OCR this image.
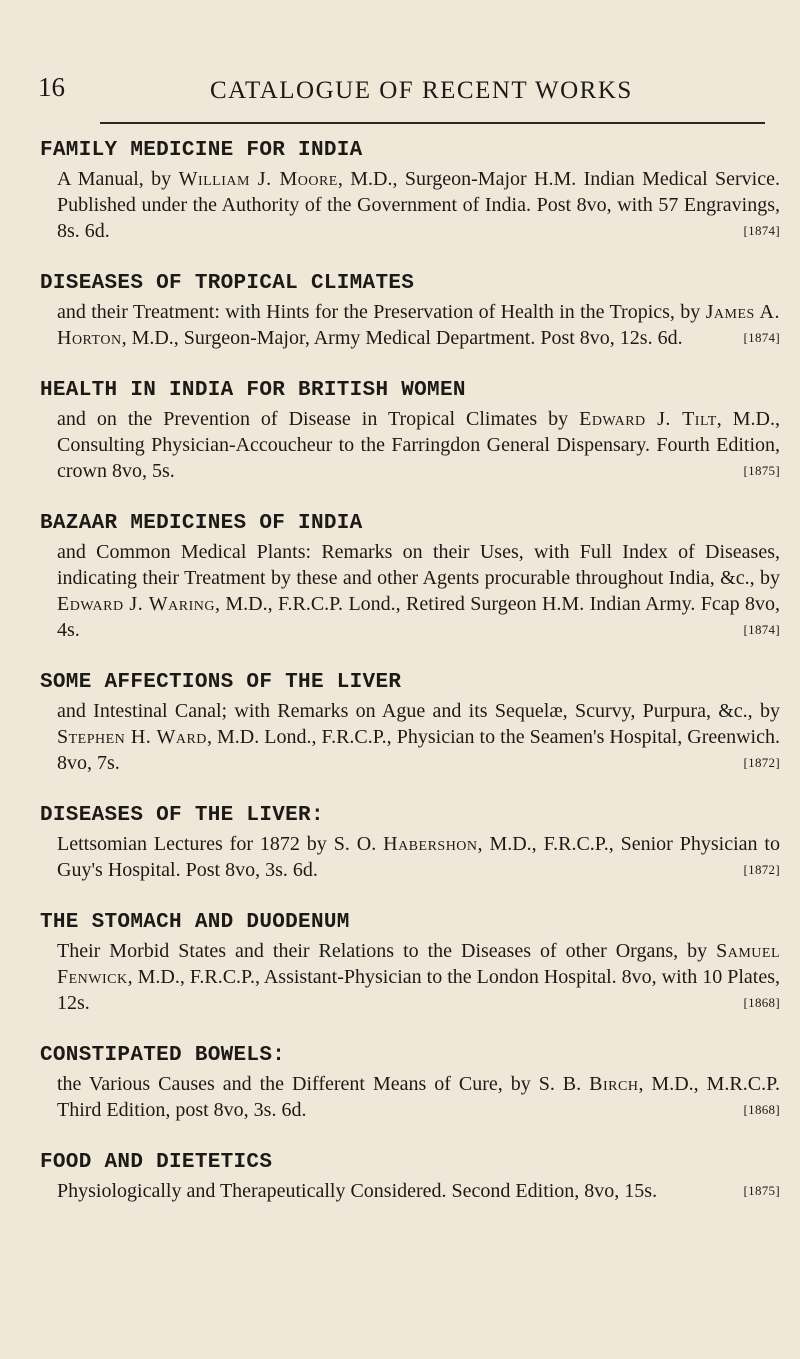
16	CATALOGUE OF RECENT WORKS

FAMILY MEDICINE FOR INDIA

A Manual, by William J. Moore, M.D., Surgeon-Major H.M. Indian Medical Service. Published under the Authority of the Government of India. Post 8vo, with 57 Engravings, 8s. 6d.	[1874]

DISEASES OF TROPICAL CLIMATES

and their Treatment: with Hints for the Preservation of Health in the Tropics, by James A. Horton, M.D., Surgeon-Major, Army Medical Department. Post 8vo, 12s. 6d.	[1874]

HEALTH IN INDIA FOR BRITISH WOMEN

and on the Prevention of Disease in Tropical Climates by Edward J. Tilt, M.D., Consulting Physician-Accoucheur to the Farringdon General Dispensary. Fourth Edition, crown 8vo, 5s.	[1875]

BAZAAR MEDICINES OF INDIA

and Common Medical Plants: Remarks on their Uses, with Full Index of Diseases, indicating their Treatment by these and other Agents procurable throughout India, &c., by Edward J. Waring, M.D., F.R.C.P. Lond., Retired Surgeon H.M. Indian Army. Fcap 8vo, 4s.	[1874]

SOME AFFECTIONS OF THE LIVER

and Intestinal Canal; with Remarks on Ague and its Sequelæ, Scurvy, Purpura, &c., by Stephen H. Ward, M.D. Lond., F.R.C.P., Physician to the Seamen's Hospital, Greenwich. 8vo, 7s.	[1872]

DISEASES OF THE LIVER:

Lettsomian Lectures for 1872 by S. O. Habershon, M.D., F.R.C.P., Senior Physician to Guy's Hospital. Post 8vo, 3s. 6d.	[1872]

THE STOMACH AND DUODENUM

Their Morbid States and their Relations to the Diseases of other Organs, by Samuel Fenwick, M.D., F.R.C.P., Assistant-Physician to the London Hospital. 8vo, with 10 Plates, 12s.	[1868]

CONSTIPATED BOWELS:

the Various Causes and the Different Means of Cure, by S. B. Birch, M.D., M.R.C.P. Third Edition, post 8vo, 3s. 6d.	[1868]

FOOD AND DIETETICS

Physiologically and Therapeutically Considered. Second Edition, 8vo, 15s.	[1875]
